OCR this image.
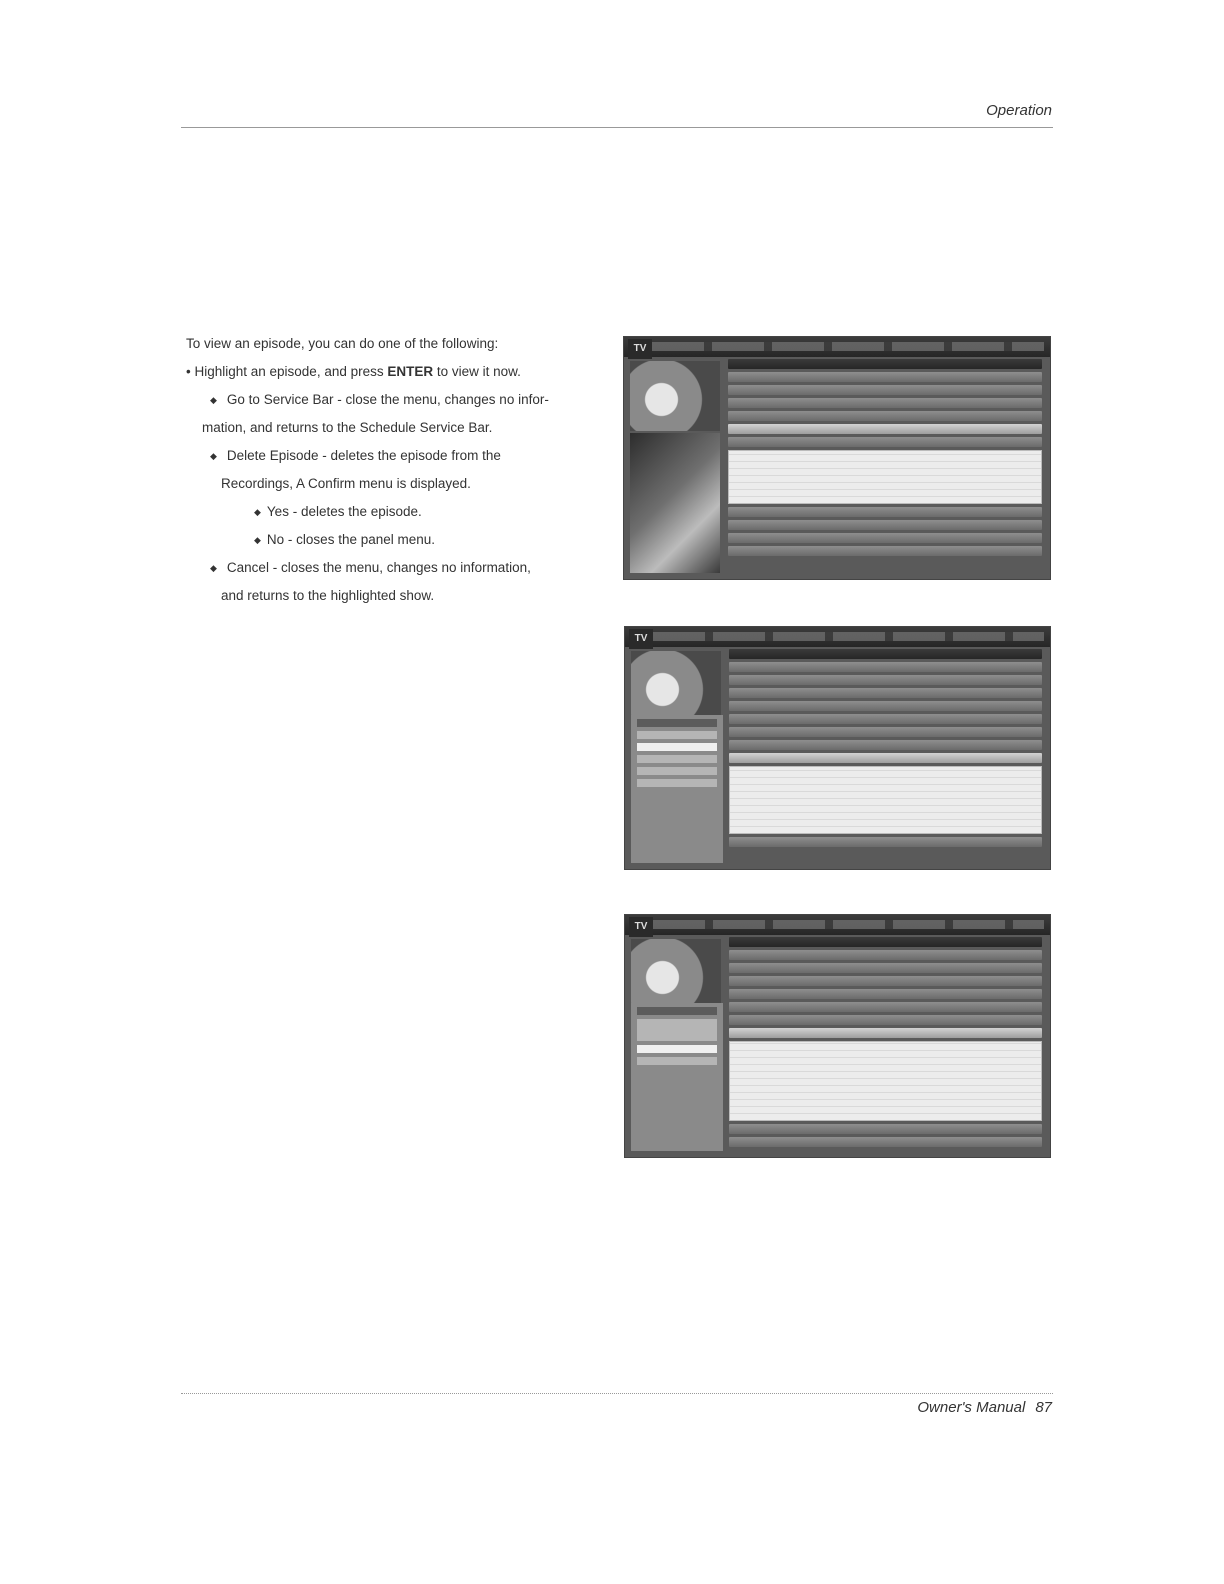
Operation
To view an episode, you can do one of the following:
• Highlight an episode, and press ENTER to view it now.
◆ Go to Service Bar - close the menu, changes no infor-
mation, and returns to the Schedule Service Bar.
◆ Delete Episode - deletes the episode from the
Recordings, A Confirm menu is displayed.
◆ Yes - deletes the episode.
◆ No - closes the panel menu.
◆ Cancel - closes the menu, changes no information,
and returns to the highlighted show.
TV
TV
TV
Owner's Manual 87
